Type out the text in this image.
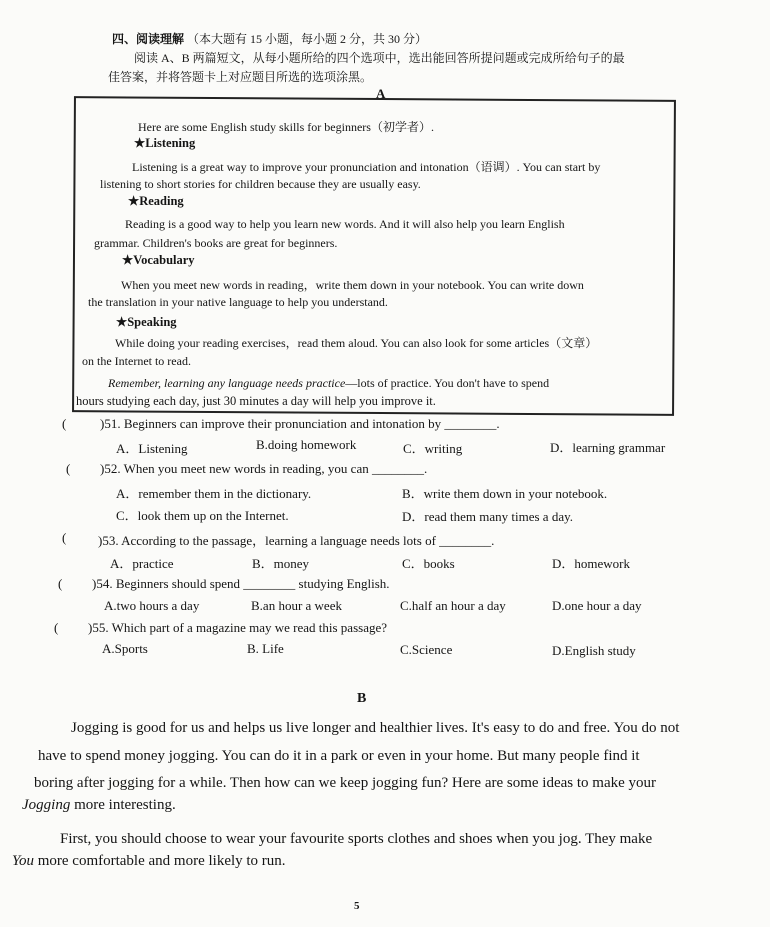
四、阅读理解 （本大题有 15 小题，每小题 2 分，共 30 分）
阅读 A、B 两篇短文，从每小题所给的四个选项中，选出能回答所提问题或完成所给句子的最
佳答案，并将答题卡上对应题目所选的选项涂黑。
A
Here are some English study skills for beginners（初学者）.
★Listening
Listening is a great way to improve your pronunciation and intonation（语调）. You can start by
listening to short stories for children because they are usually easy.
★Reading
Reading is a good way to help you learn new words. And it will also help you learn English
grammar. Children's books are great for beginners.
★Vocabulary
When you meet new words in reading，write them down in your notebook. You can write down
the translation in your native language to help you understand.
★Speaking
While doing your reading exercises，read them aloud. You can also look for some articles（文章）
on the Internet to read.
Remember, learning any language needs practice—lots of practice. You don't have to spend
hours studying each day, just 30 minutes a day will help you improve it.
(	)51. Beginners can improve their pronunciation and intonation by ________.
A．Listening	B.doing homework	C．writing	D．learning grammar
( )52. When you meet new words in reading, you can ________.
A．remember them in the dictionary.	B．write them down in your notebook.
C．look them up on the Internet.	D．read them many times a day.
( )53. According to the passage，learning a language needs lots of ________.
A．practice	B．money	C．books	D．homework
( )54. Beginners should spend ________ studying English.
A.two hours a day	B.an hour a week	C.half an hour a day	D.one hour a day
( )55. Which part of a magazine may we read this passage?
A.Sports	B. Life	C.Science	D.English study
B
Jogging is good for us and helps us live longer and healthier lives. It's easy to do and free. You do not
have to spend money jogging. You can do it in a park or even in your home. But many people find it
boring after jogging for a while. Then how can we keep jogging fun? Here are some ideas to make your
Jogging more interesting.
First, you should choose to wear your favourite sports clothes and shoes when you jog. They make
You more comfortable and more likely to run.
5
